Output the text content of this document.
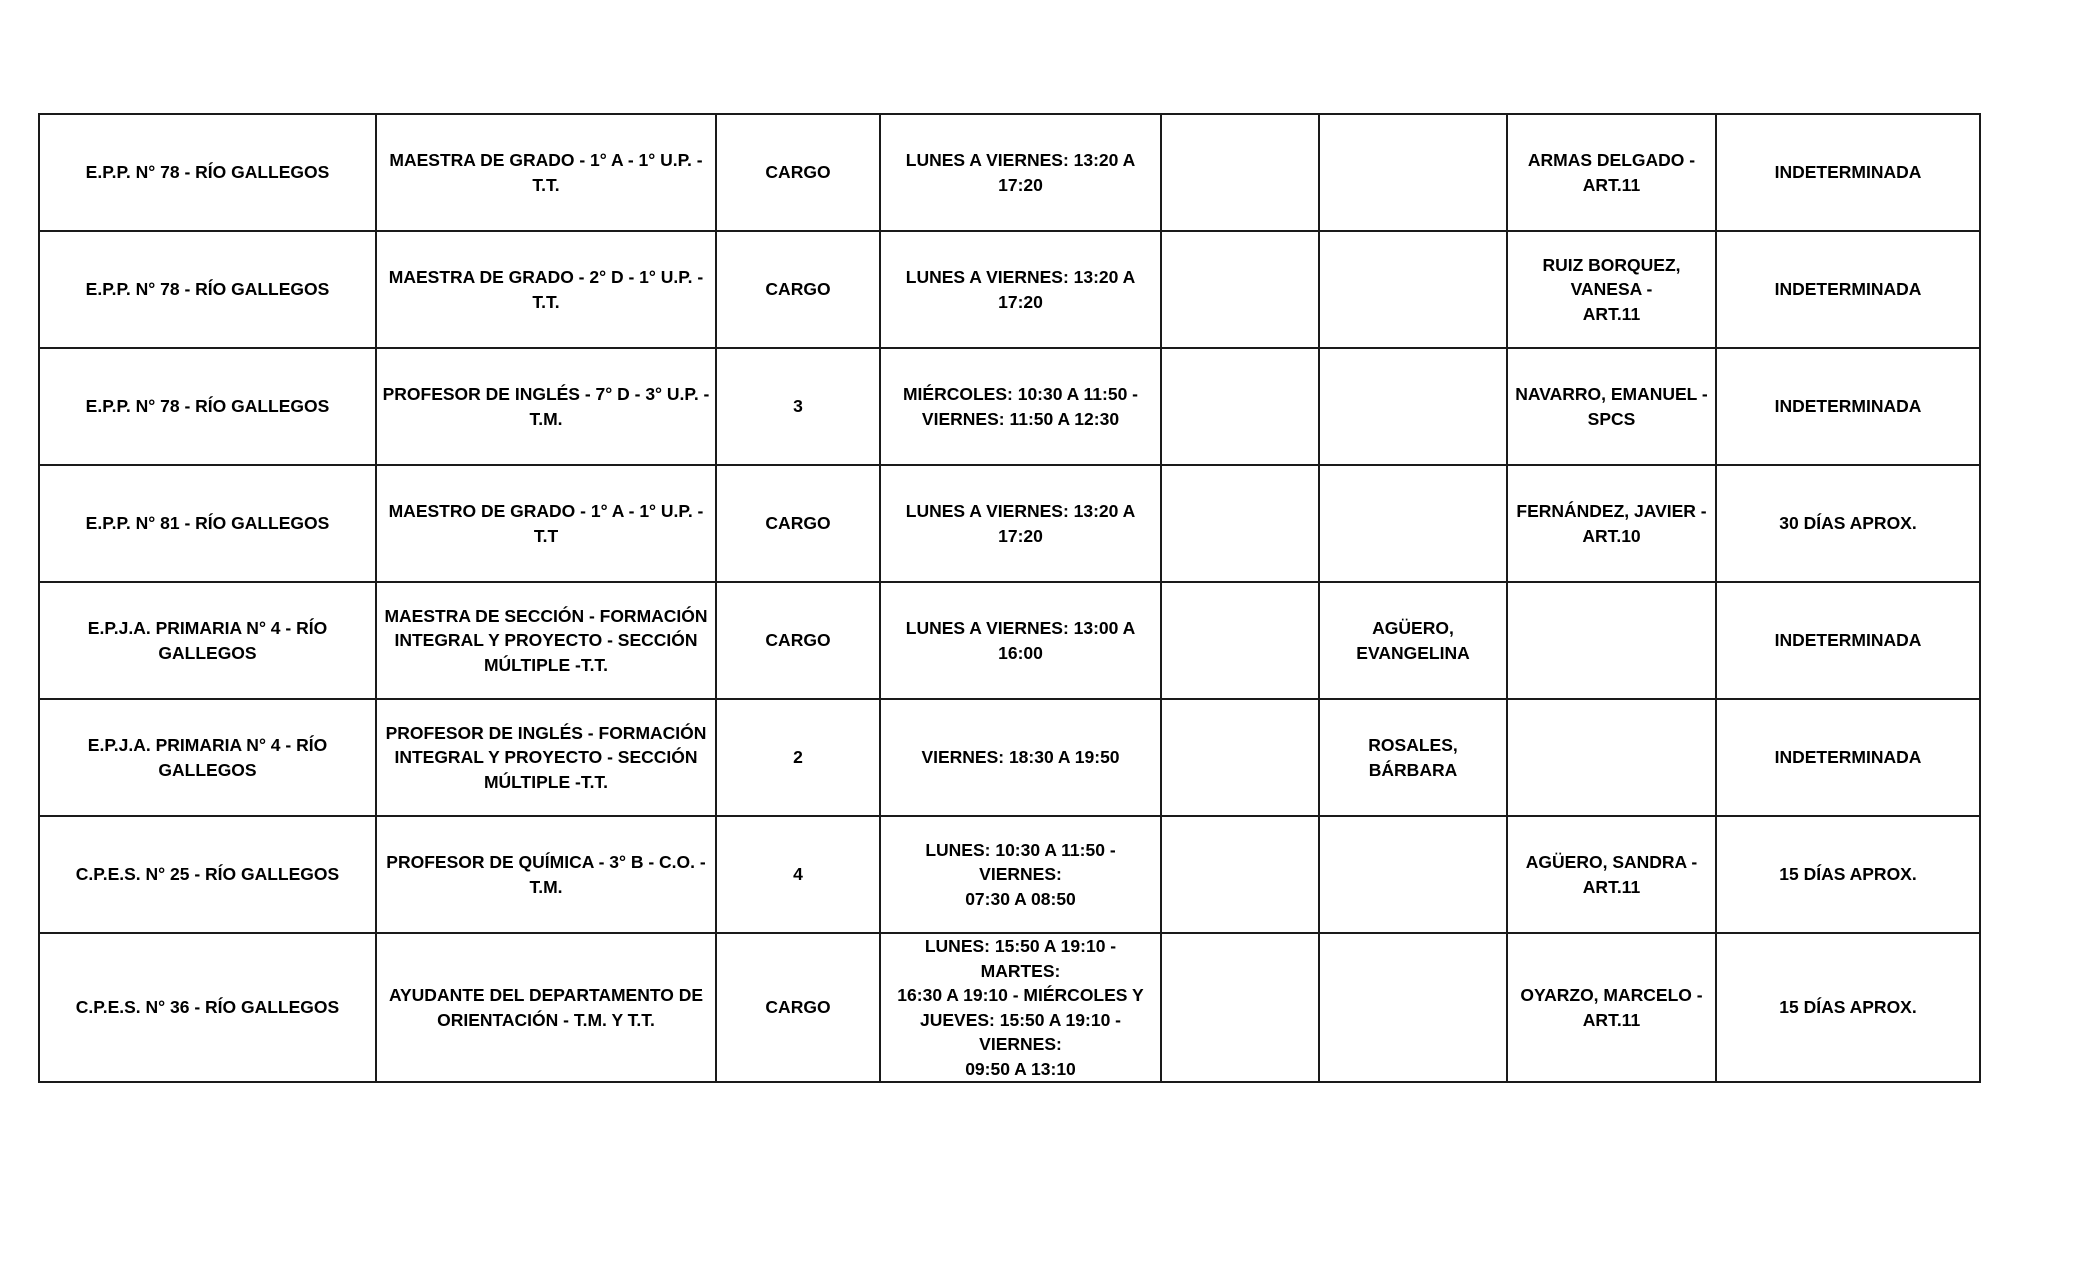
E.P.P. N° 78 - RÍO GALLEGOS	MAESTRA DE GRADO - 1° A - 1° U.P. - T.T.	CARGO	LUNES A VIERNES: 13:20 A 17:20			ARMAS DELGADO -
ART.11	INDETERMINADA
E.P.P. N° 78 - RÍO GALLEGOS	MAESTRA DE GRADO - 2° D - 1° U.P. - T.T.	CARGO	LUNES A VIERNES: 13:20 A 17:20			RUIZ BORQUEZ, VANESA -
ART.11	INDETERMINADA
E.P.P. N° 78 - RÍO GALLEGOS	PROFESOR DE INGLÉS - 7° D - 3° U.P. -
T.M.	3	MIÉRCOLES: 10:30 A 11:50 -
VIERNES: 11:50 A 12:30			NAVARRO, EMANUEL -
SPCS	INDETERMINADA
E.P.P. N° 81 - RÍO GALLEGOS	MAESTRO DE GRADO - 1° A - 1° U.P. - T.T	CARGO	LUNES A VIERNES: 13:20 A 17:20			FERNÁNDEZ, JAVIER -
ART.10	30 DÍAS APROX.
E.P.J.A. PRIMARIA N° 4 - RÍO GALLEGOS	MAESTRA DE SECCIÓN - FORMACIÓN
INTEGRAL Y PROYECTO - SECCIÓN
MÚLTIPLE -T.T.	CARGO	LUNES A VIERNES: 13:00 A 16:00		AGÜERO, EVANGELINA		INDETERMINADA
E.P.J.A. PRIMARIA N° 4 - RÍO GALLEGOS	PROFESOR DE INGLÉS - FORMACIÓN
INTEGRAL Y PROYECTO - SECCIÓN
MÚLTIPLE -T.T.	2	VIERNES: 18:30 A 19:50		ROSALES, BÁRBARA		INDETERMINADA
C.P.E.S. N° 25 - RÍO GALLEGOS	PROFESOR DE QUÍMICA - 3° B - C.O. - T.M.	4	LUNES: 10:30 A 11:50 - VIERNES:
07:30 A 08:50			AGÜERO, SANDRA -
ART.11	15 DÍAS APROX.
C.P.E.S. N° 36 - RÍO GALLEGOS	AYUDANTE DEL DEPARTAMENTO DE
ORIENTACIÓN - T.M. Y T.T.	CARGO	LUNES: 15:50 A 19:10 - MARTES:
16:30 A 19:10 - MIÉRCOLES Y
JUEVES: 15:50 A 19:10 - VIERNES:
09:50 A 13:10			OYARZO, MARCELO -
ART.11	15 DÍAS APROX.
